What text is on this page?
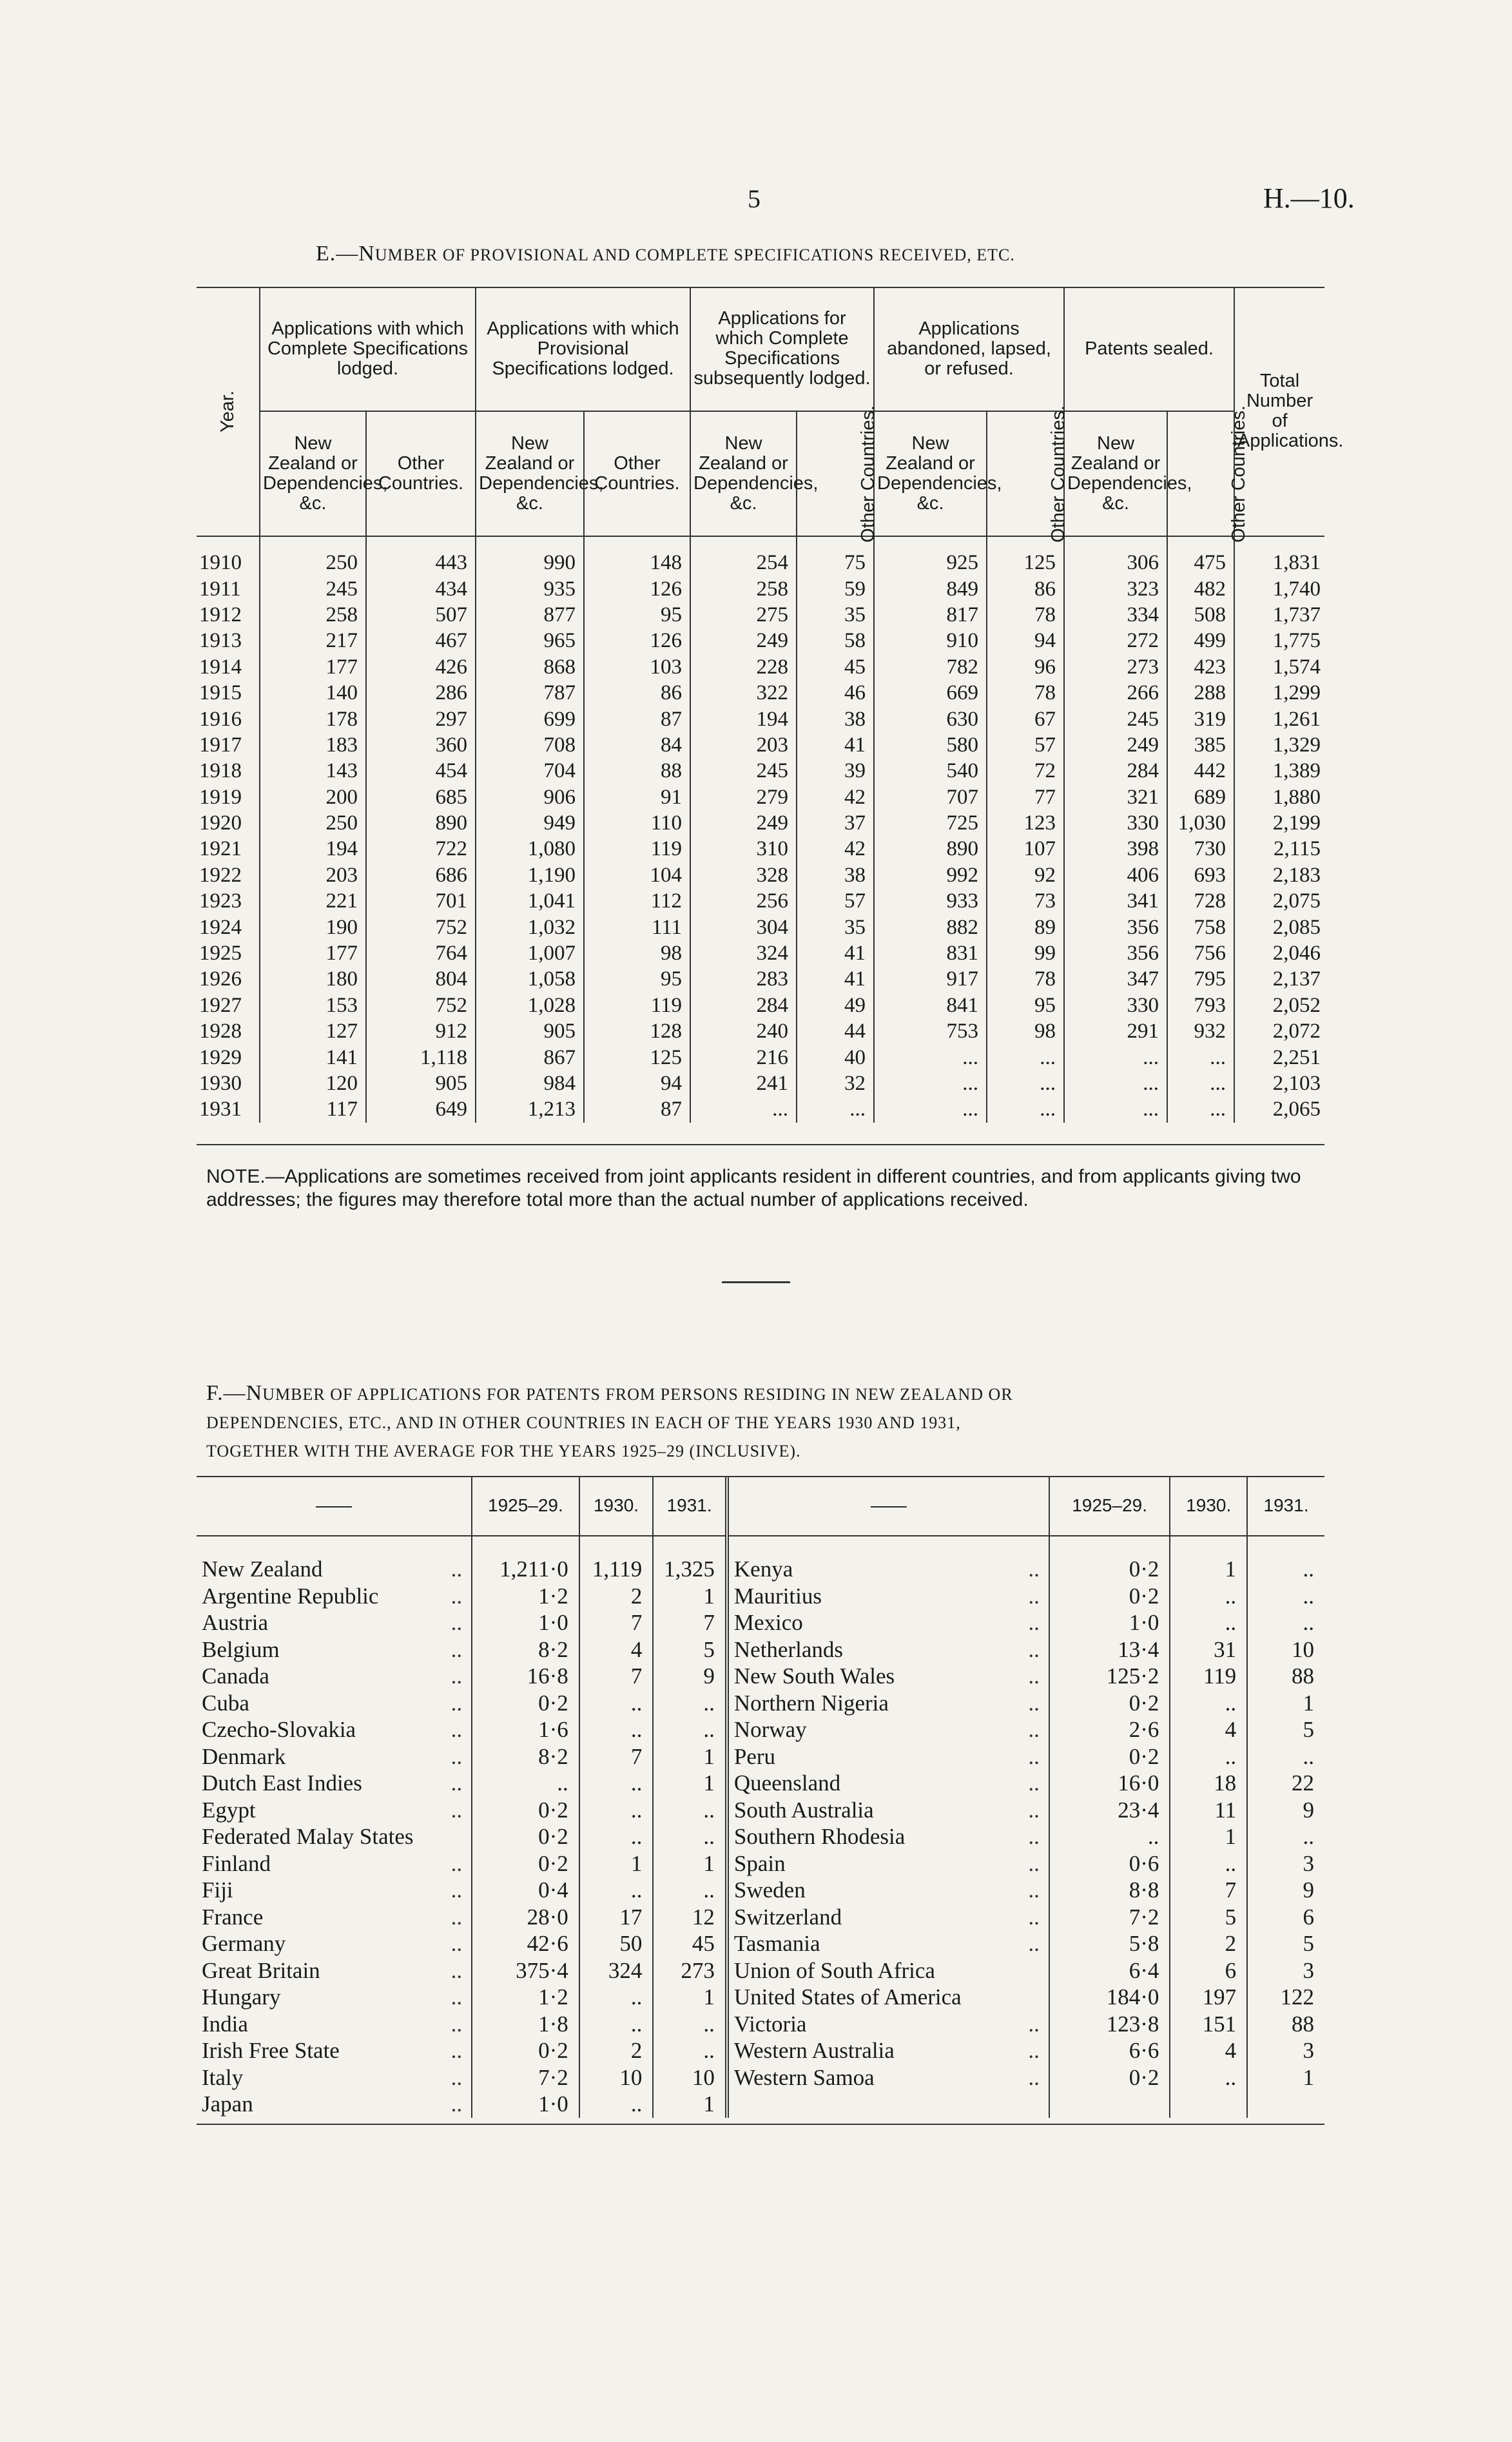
5	H.—10.
E.—NUMBER OF PROVISIONAL AND COMPLETE SPECIFICATIONS RECEIVED, ETC.
Year.	Applications with which Complete Specifications lodged.		Applications with which Provisional Specifications lodged.		Applications for which Complete Specifications subsequently lodged.		Applications abandoned, lapsed, or refused.		Patents sealed.		Total Number of Applications.
	New Zealand or Dependencies, &c.	Other Countries.	New Zealand or Dependencies, &c.	Other Countries.	New Zealand or Dependencies, &c.	Other Countries.	New Zealand or Dependencies, &c.	Other Countries.	New Zealand or Dependencies, &c.	Other Countries.	
1910	250	443	990	148	254	75	925	125	306	475	1,831
1911	245	434	935	126	258	59	849	86	323	482	1,740
1912	258	507	877	95	275	35	817	78	334	508	1,737
1913	217	467	965	126	249	58	910	94	272	499	1,775
1914	177	426	868	103	228	45	782	96	273	423	1,574
1915	140	286	787	86	322	46	669	78	266	288	1,299
1916	178	297	699	87	194	38	630	67	245	319	1,261
1917	183	360	708	84	203	41	580	57	249	385	1,329
1918	143	454	704	88	245	39	540	72	284	442	1,389
1919	200	685	906	91	279	42	707	77	321	689	1,880
1920	250	890	949	110	249	37	725	123	330	1,030	2,199
1921	194	722	1,080	119	310	42	890	107	398	730	2,115
1922	203	686	1,190	104	328	38	992	92	406	693	2,183
1923	221	701	1,041	112	256	57	933	73	341	728	2,075
1924	190	752	1,032	111	304	35	882	89	356	758	2,085
1925	177	764	1,007	98	324	41	831	99	356	756	2,046
1926	180	804	1,058	95	283	41	917	78	347	795	2,137
1927	153	752	1,028	119	284	49	841	95	330	793	2,052
1928	127	912	905	128	240	44	753	98	291	932	2,072
1929	141	1,118	867	125	216	40	...	...	...	...	2,251
1930	120	905	984	94	241	32	...	...	...	...	2,103
1931	117	649	1,213	87	...	...	...	...	...	...	2,065
NOTE.—Applications are sometimes received from joint applicants resident in different countries, and from applicants giving two addresses; the figures may therefore total more than the actual number of applications received.
F.—NUMBER OF APPLICATIONS FOR PATENTS FROM PERSONS RESIDING IN NEW ZEALAND OR
DEPENDENCIES, ETC., AND IN OTHER COUNTRIES IN EACH OF THE YEARS 1930 AND 1931,
TOGETHER WITH THE AVERAGE FOR THE YEARS 1925–29 (INCLUSIVE).
——		1925–29.	1930.	1931.	——		1925–29.	1930.	1931.
New Zealand	..	1,211·0	1,119	1,325	Kenya	..	0·2	1	..
Argentine Republic	..	1·2	2	1	Mauritius	..	0·2	..	..
Austria	..	1·0	7	7	Mexico	..	1·0	..	..
Belgium	..	8·2	4	5	Netherlands	..	13·4	31	10
Canada	..	16·8	7	9	New South Wales	..	125·2	119	88
Cuba	..	0·2	..	..	Northern Nigeria	..	0·2	..	1
Czecho-Slovakia	..	1·6	..	..	Norway	..	2·6	4	5
Denmark	..	8·2	7	1	Peru	..	0·2	..	..
Dutch East Indies	..	..	..	1	Queensland	..	16·0	18	22
Egypt	..	0·2	..	..	South Australia	..	23·4	11	9
Federated Malay States		0·2	..	..	Southern Rhodesia	..	..	1	..
Finland	..	0·2	1	1	Spain	..	0·6	..	3
Fiji	..	0·4	..	..	Sweden	..	8·8	7	9
France	..	28·0	17	12	Switzerland	..	7·2	5	6
Germany	..	42·6	50	45	Tasmania	..	5·8	2	5
Great Britain	..	375·4	324	273	Union of South Africa		6·4	6	3
Hungary	..	1·2	..	1	United States of America		184·0	197	122
India	..	1·8	..	..	Victoria	..	123·8	151	88
Irish Free State	..	0·2	2	..	Western Australia	..	6·6	4	3
Italy	..	7·2	10	10	Western Samoa	..	0·2	..	1
Japan	..	1·0	..	1					
